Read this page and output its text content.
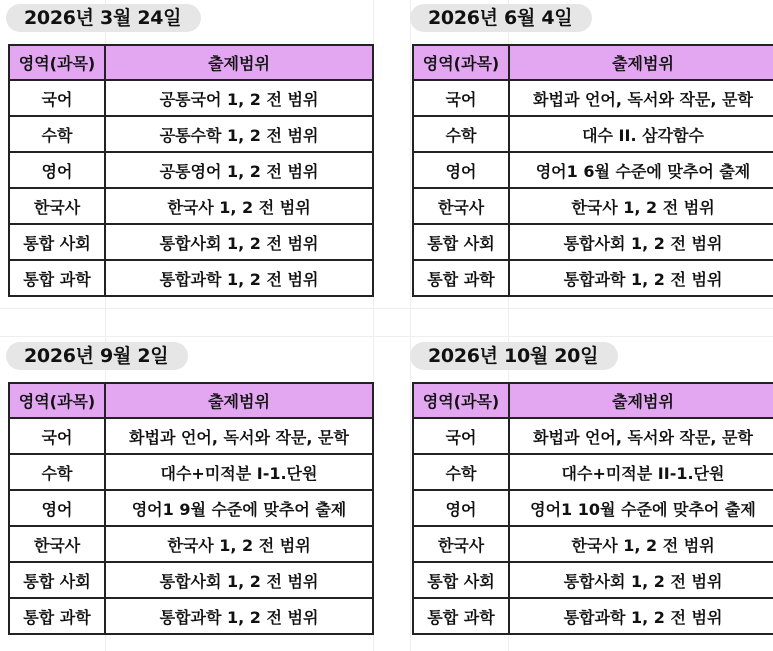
2026년 3월 24일
영역(과목)	출제범위
국어	공통국어 1, 2 전 범위
수학	공통수학 1, 2 전 범위
영어	공통영어 1, 2 전 범위
한국사	한국사 1, 2 전 범위
통합 사회	통합사회 1, 2 전 범위
통합 과학	통합과학 1, 2 전 범위
2026년 6월 4일
영역(과목)	출제범위
국어	화법과 언어, 독서와 작문, 문학
수학	대수 II. 삼각함수
영어	영어1 6월 수준에 맞추어 출제
한국사	한국사 1, 2 전 범위
통합 사회	통합사회 1, 2 전 범위
통합 과학	통합과학 1, 2 전 범위
2026년 9월 2일
영역(과목)	출제범위
국어	화법과 언어, 독서와 작문, 문학
수학	대수+미적분 I-1.단원
영어	영어1 9월 수준에 맞추어 출제
한국사	한국사 1, 2 전 범위
통합 사회	통합사회 1, 2 전 범위
통합 과학	통합과학 1, 2 전 범위
2026년 10월 20일
영역(과목)	출제범위
국어	화법과 언어, 독서와 작문, 문학
수학	대수+미적분 II-1.단원
영어	영어1 10월 수준에 맞추어 출제
한국사	한국사 1, 2 전 범위
통합 사회	통합사회 1, 2 전 범위
통합 과학	통합과학 1, 2 전 범위
